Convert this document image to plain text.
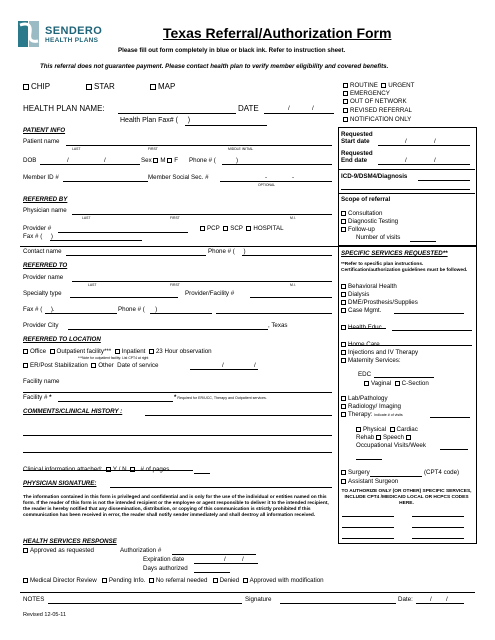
SENDERO
HEALTH PLANS	Texas Referral/Authorization Form
Please fill out form completely in blue or black ink. Refer to instruction sheet.
This referral does not guarantee payment. Please contact health plan to verify member eligibility and covered benefits.
CHIP	STAR	MAP
HEALTH PLAN NAME:	DATE	/	/
Health Plan Fax# ( )
ROUTINE URGENT
EMERGENCY
OUT OF NETWORK
REVISED REFERRAL
NOTIFICATION ONLY
Requested
Start date	/	/
Requested
End date	/	/
ICD-9/DSM4/Diagnosis
Scope of referral
Consultation
Diagnostic Testing
Follow-up
Number of visits
PATIENT INFO
Patient name
LAST	FIRST	MIDDLE INITIAL
DOB	/	/	Sex M F Phone # (	)
Member ID #	Member Social Sec. #	-	-
OPTIONAL
REFERRED BY
Physician name
LAST	FIRST	M.I.
Provider #	PCP SCP HOSPITAL
Fax # (     )
Contact name	Phone # ( )
REFERRED TO
Provider name
LAST	FIRST	M.I.
Specialty type	Provider/Facility #
Fax # (     ).	Phone # ( )
Provider City	, Texas
REFERRED TO LOCATION
Office Outpatient facility*** Inpatient 23 Hour observation
***Note for outpatient facility: List CPT4 at right
ER/Post Stabilization Other Date of service	/	/
Facility name
Facility # *	* Required for ER/UCC, Therapy and Outpatient services.
COMMENTS/CLINICAL HISTORY :
Clinical information attached: Y / N # of pages
PHYSICIAN SIGNATURE:
The information contained in this form is privileged and confidential and is only for the use of the individual or entities named on this form. If the reader of this form is not the intended recipient or the employee or agent responsible to deliver it to the intended recipient, the reader is hereby notified that any dissemination, distribution, or copying of this communication is strictly prohibited If this communication has been received in error, the reader shall notify sender immediately and shall destroy all information received.
SPECIFIC SERVICES REQUESTED**
**Refer to specific plan instructions.
Certification/authorization guidelines must be followed.
Behavioral Health
Dialysis
DME/Prosthesis/Supplies
Case Mgmt.
Health Educ.
Home Care
Injections and IV Therapy
Maternity Services:
EDC
Vaginal C-Section
Lab/Pathology
Radiology/ Imaging
Therapy: Indicate # of visits
Physical Cardiac
Rehab Speech
Occupational Visits/Week
Surgery	(CPT4 code)
Assistant Surgeon
TO AUTHORIZE ONLY (OR OTHER) SPECIFIC SERVICES, INCLUDE CPT4 /MEDICAID LOCAL OR HCPCS CODES HERE.
HEALTH SERVICES RESPONSE
Approved as requested	Authorization #
Expiration date	/	/
Days authorized
Medical Director Review Pending Info. No referral needed Denied Approved with modification
NOTES	Signature	Date:	/ /
Revised 12-05-11
